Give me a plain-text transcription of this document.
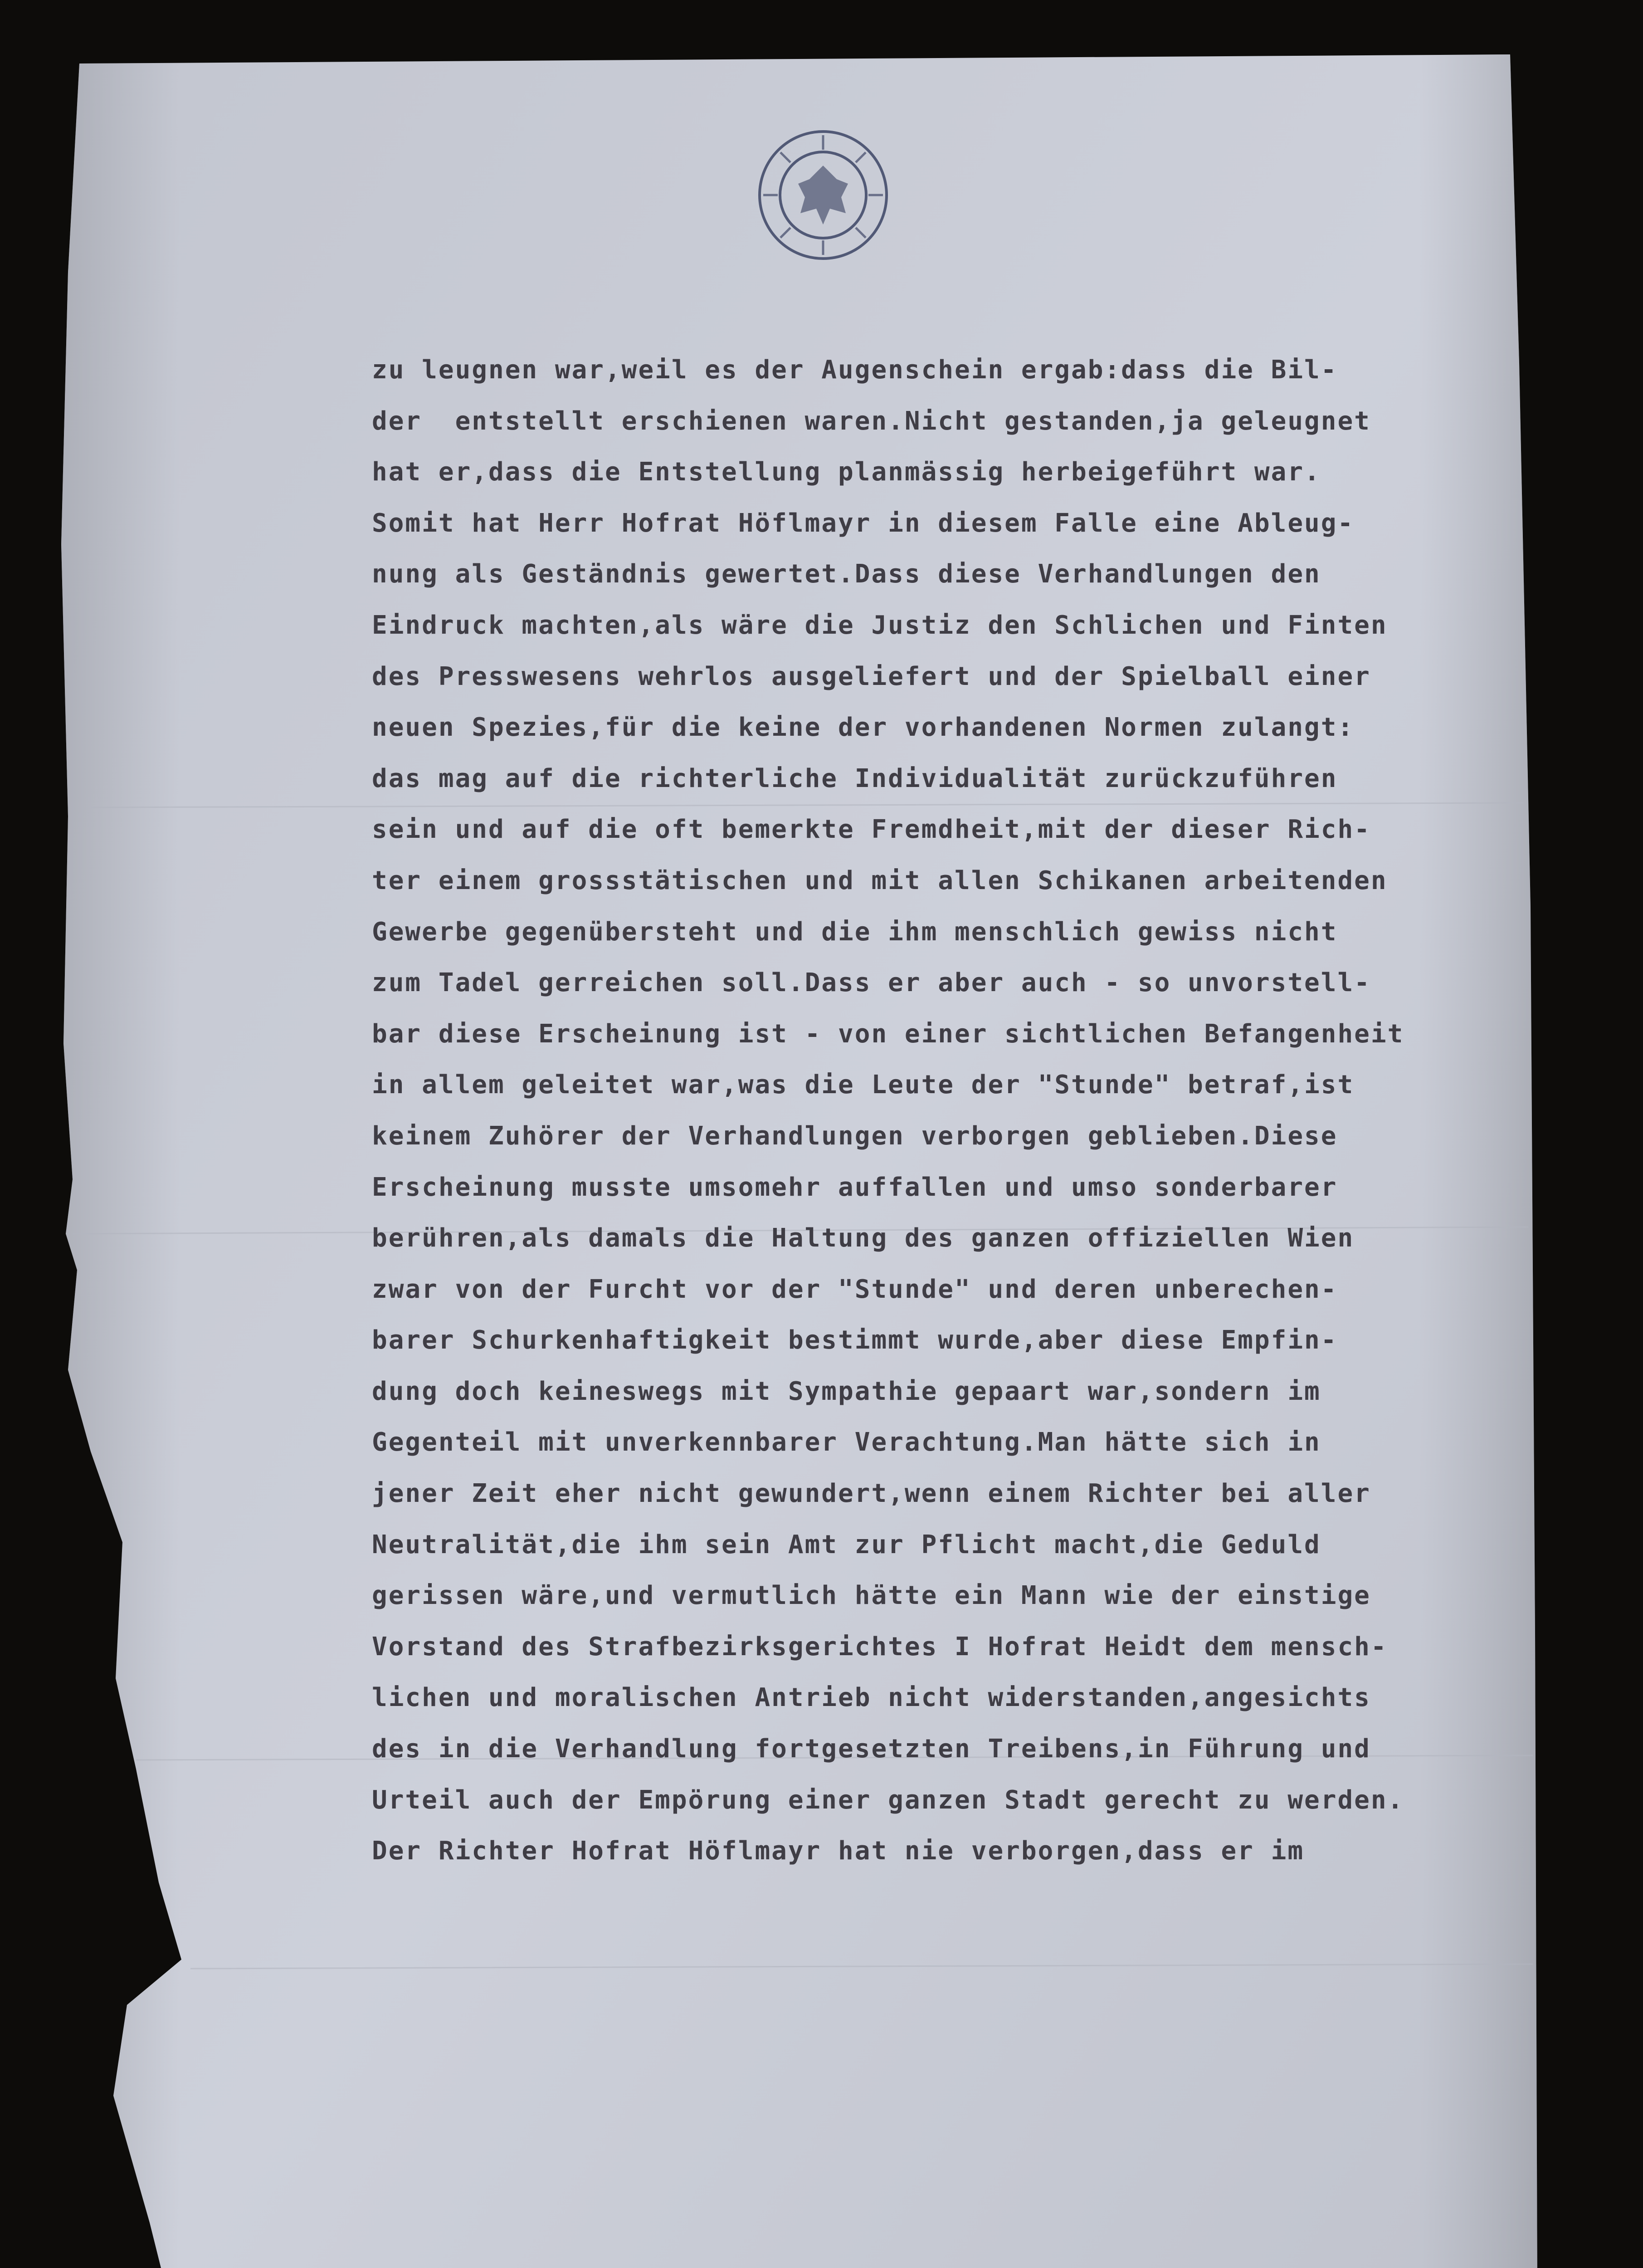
zu leugnen war,weil es der Augenschein ergab:dass die Bil-
der  entstellt erschienen waren.Nicht gestanden,ja geleugnet
hat er,dass die Entstellung planmässig herbeigeführt war.
Somit hat Herr Hofrat Höflmayr in diesem Falle eine Ableug-
nung als Geständnis gewertet.Dass diese Verhandlungen den
Eindruck machten,als wäre die Justiz den Schlichen und Finten
des Presswesens wehrlos ausgeliefert und der Spielball einer
neuen Spezies,für die keine der vorhandenen Normen zulangt:
das mag auf die richterliche Individualität zurückzuführen
sein und auf die oft bemerkte Fremdheit,mit der dieser Rich-
ter einem grossstätischen und mit allen Schikanen arbeitenden
Gewerbe gegenübersteht und die ihm menschlich gewiss nicht
zum Tadel gerreichen soll.Dass er aber auch - so unvorstell-
bar diese Erscheinung ist - von einer sichtlichen Befangenheit
in allem geleitet war,was die Leute der "Stunde" betraf,ist
keinem Zuhörer der Verhandlungen verborgen geblieben.Diese
Erscheinung musste umsomehr auffallen und umso sonderbarer
berühren,als damals die Haltung des ganzen offiziellen Wien
zwar von der Furcht vor der "Stunde" und deren unberechen-
barer Schurkenhaftigkeit bestimmt wurde,aber diese Empfin-
dung doch keineswegs mit Sympathie gepaart war,sondern im
Gegenteil mit unverkennbarer Verachtung.Man hätte sich in
jener Zeit eher nicht gewundert,wenn einem Richter bei aller
Neutralität,die ihm sein Amt zur Pflicht macht,die Geduld
gerissen wäre,und vermutlich hätte ein Mann wie der einstige
Vorstand des Strafbezirksgerichtes I Hofrat Heidt dem mensch-
lichen und moralischen Antrieb nicht widerstanden,angesichts
des in die Verhandlung fortgesetzten Treibens,in Führung und
Urteil auch der Empörung einer ganzen Stadt gerecht zu werden.
Der Richter Hofrat Höflmayr hat nie verborgen,dass er im
